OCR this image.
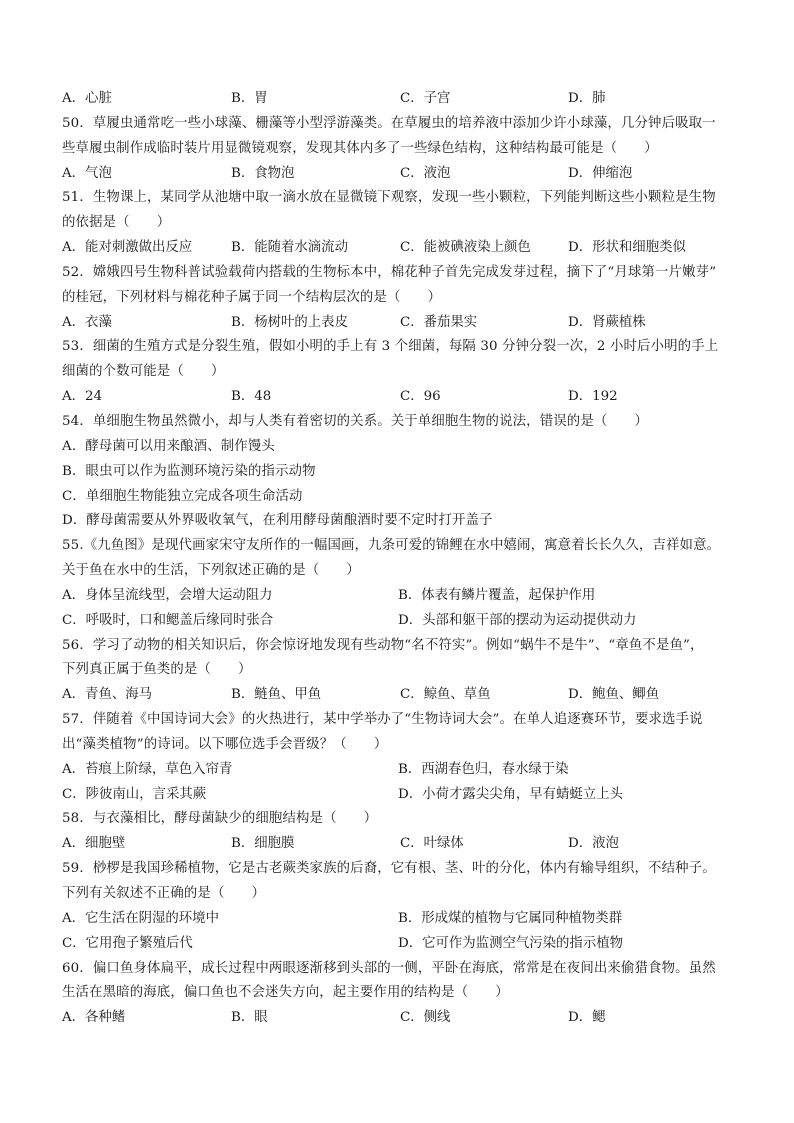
A．心脏	B．胃	C．子宫	D．肺
50．草履虫通常吃一些小球藻、栅藻等小型浮游藻类。在草履虫的培养液中添加少许小球藻，几分钟后吸取一
些草履虫制作成临时装片用显微镜观察，发现其体内多了一些绿色结构，这种结构最可能是（　　）
A．气泡	B．食物泡	C．液泡	D．伸缩泡
51．生物课上，某同学从池塘中取一滴水放在显微镜下观察，发现一些小颗粒，下列能判断这些小颗粒是生物
的依据是（　　）
A．能对刺激做出反应	B．能随着水滴流动	C．能被碘液染上颜色	D．形状和细胞类似
52．嫦娥四号生物科普试验载荷内搭载的生物标本中，棉花种子首先完成发芽过程，摘下了“月球第一片嫩芽”
的桂冠，下列材料与棉花种子属于同一个结构层次的是（　　）
A．衣藻	B．杨树叶的上表皮	C．番茄果实	D．肾蕨植株
53．细菌的生殖方式是分裂生殖，假如小明的手上有 3 个细菌，每隔 30 分钟分裂一次，2 小时后小明的手上
细菌的个数可能是（　　）
A．24	B．48	C．96	D．192
54．单细胞生物虽然微小，却与人类有着密切的关系。关于单细胞生物的说法，错误的是（　　）
A．酵母菌可以用来酿酒、制作馒头
B．眼虫可以作为监测环境污染的指示动物
C．单细胞生物能独立完成各项生命活动
D．酵母菌需要从外界吸收氧气，在利用酵母菌酿酒时要不定时打开盖子
55.《九鱼图》是现代画家宋守友所作的一幅国画，九条可爱的锦鲤在水中嬉闹，寓意着长长久久，吉祥如意。
关于鱼在水中的生活，下列叙述正确的是（　　）
A．身体呈流线型，会增大运动阻力	B．体表有鳞片覆盖，起保护作用
C．呼吸时，口和鳃盖后缘同时张合	D．头部和躯干部的摆动为运动提供动力
56．学习了动物的相关知识后，你会惊讶地发现有些动物“名不符实”。例如“蜗牛不是牛”、“章鱼不是鱼”，
下列真正属于鱼类的是（　　）
A．青鱼、海马	B．鲢鱼、甲鱼	C．鲸鱼、草鱼	D．鲍鱼、鲫鱼
57．伴随着《中国诗词大会》的火热进行，某中学举办了“生物诗词大会”。在单人追逐赛环节，要求选手说
出“藻类植物”的诗词。以下哪位选手会晋级？（　　）
A．苔痕上阶绿，草色入帘青	B．西湖春色归，春水绿于染
C．陟彼南山，言采其蕨	D．小荷才露尖尖角，早有蜻蜓立上头
58．与衣藻相比，酵母菌缺少的细胞结构是（　　）
A．细胞壁	B．细胞膜	C．叶绿体	D．液泡
59．桫椤是我国珍稀植物，它是古老蕨类家族的后裔，它有根、茎、叶的分化，体内有输导组织，不结种子。
下列有关叙述不正确的是（　　）
A．它生活在阴湿的环境中	B．形成煤的植物与它属同种植物类群
C．它用孢子繁殖后代	D．它可作为监测空气污染的指示植物
60．偏口鱼身体扁平，成长过程中两眼逐渐移到头部的一侧，平卧在海底，常常是在夜间出来偷猎食物。虽然
生活在黑暗的海底，偏口鱼也不会迷失方向，起主要作用的结构是（　　）
A．各种鳍	B．眼	C．侧线	D．鳃
